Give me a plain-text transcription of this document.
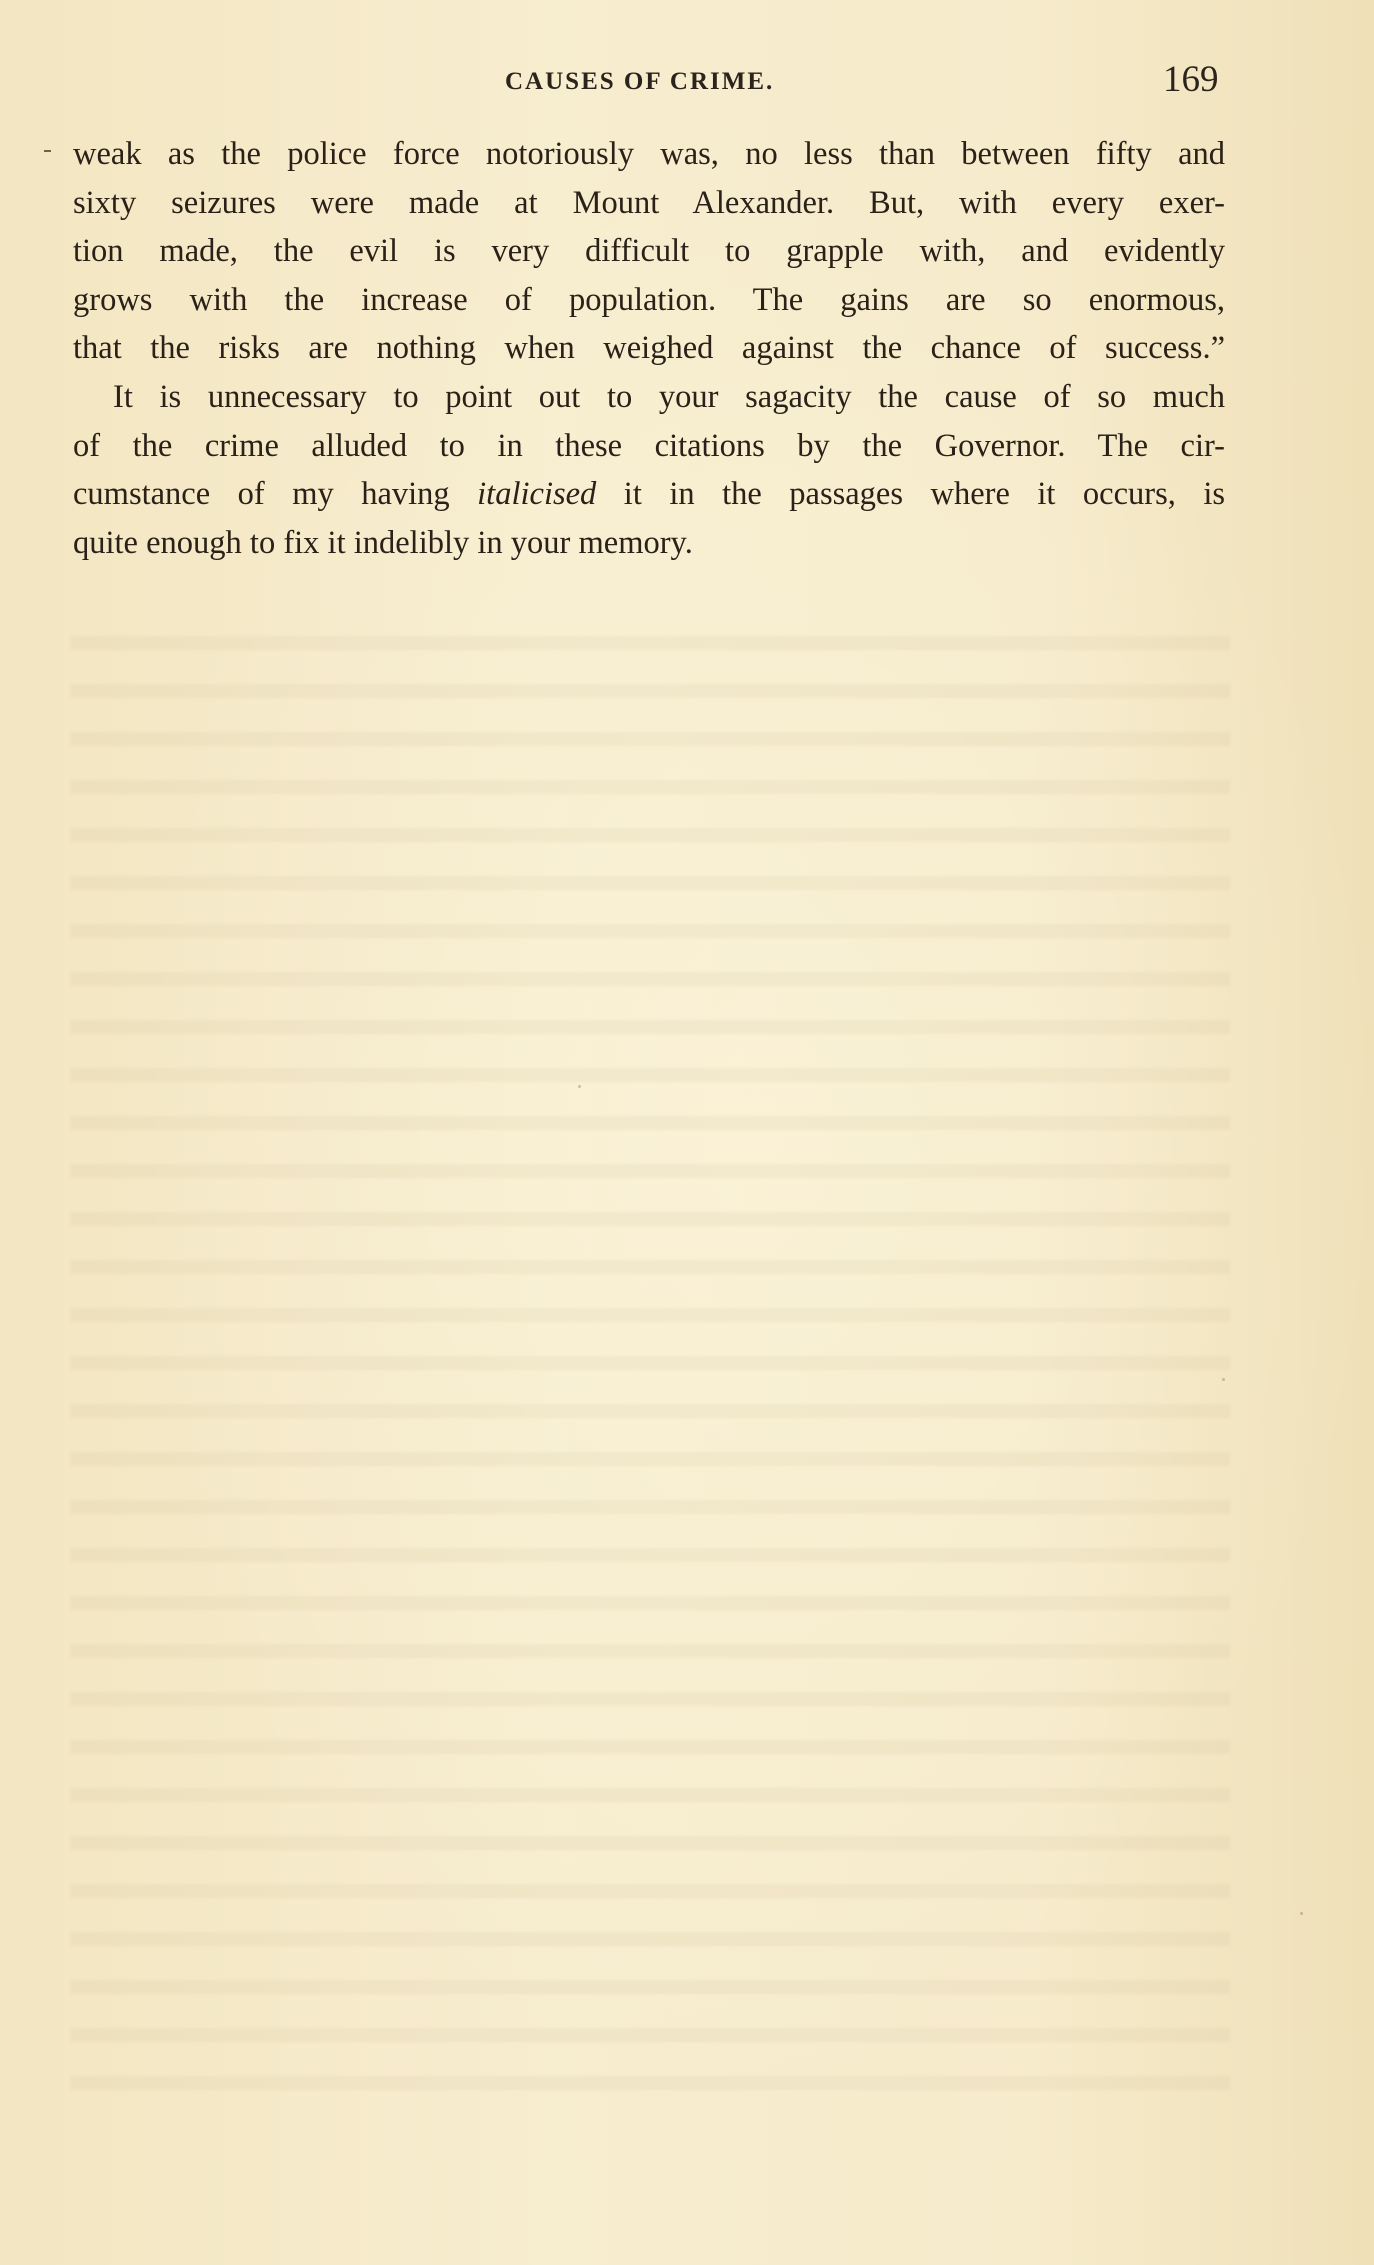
CAUSES OF CRIME.	169
weak as the police force notoriously was, no less than between fifty and
sixty seizures were made at Mount Alexander. But, with every exer-
tion made, the evil is very difficult to grapple with, and evidently
grows with the increase of population. The gains are so enormous,
that the risks are nothing when weighed against the chance of success.”
It is unnecessary to point out to your sagacity the cause of so much
of the crime alluded to in these citations by the Governor. The cir-
cumstance of my having italicised it in the passages where it occurs, is
quite enough to fix it indelibly in your memory.
